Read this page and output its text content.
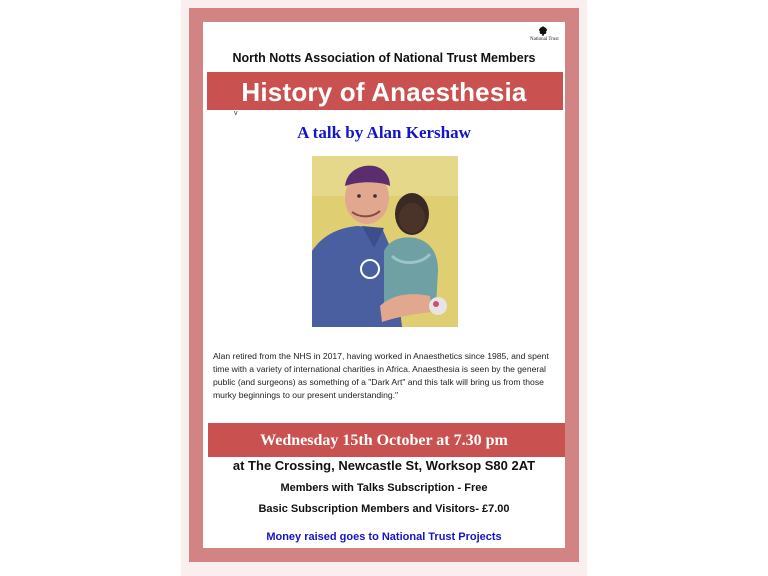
National Trust
North Notts Association of National Trust Members
History of Anaesthesia
v
A talk by Alan Kershaw
Alan retired from the NHS in 2017, having worked in Anaesthetics since 1985, and spent time with a variety of international charities in Africa. Anaesthesia is seen by the general public (and surgeons) as something of a "Dark Art" and this talk will bring us from those murky beginnings to our present understanding."
Wednesday 15th October at 7.30 pm
at The Crossing, Newcastle St, Worksop S80 2AT
Members with Talks Subscription - Free
Basic Subscription Members and Visitors- £7.00
Money raised goes to National Trust Projects
